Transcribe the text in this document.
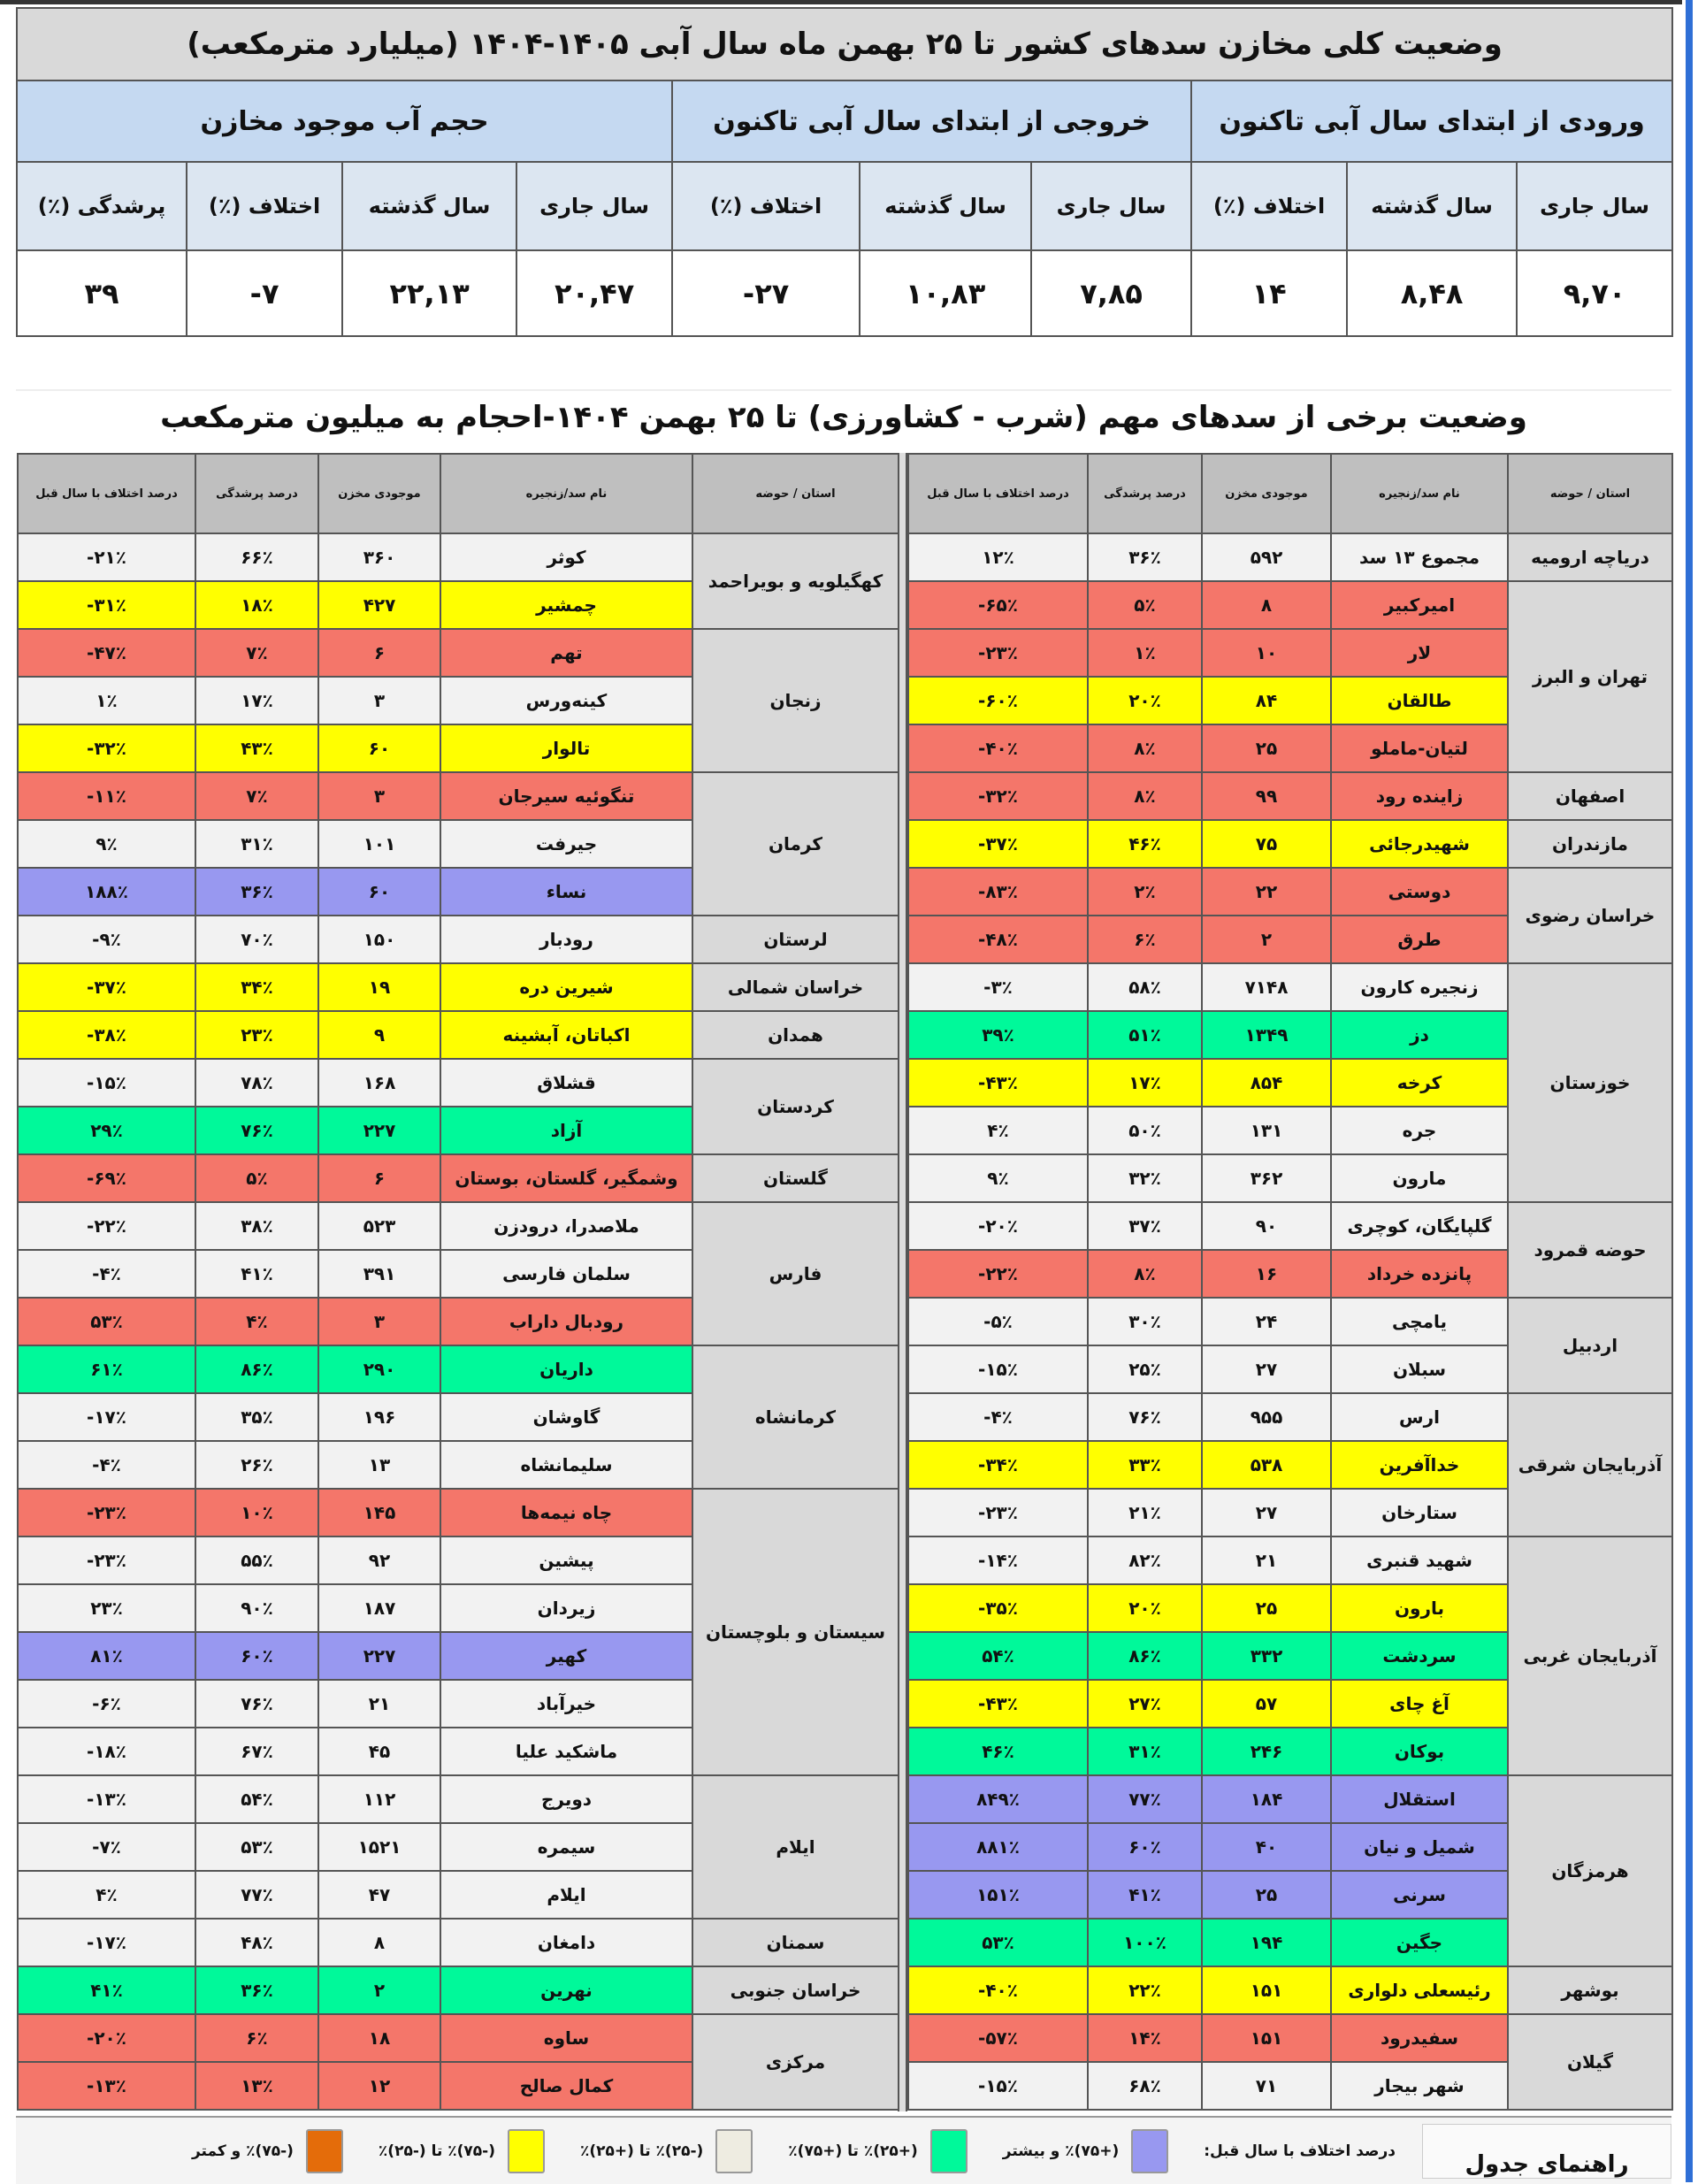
وضعیت کلی مخازن سدهای کشور تا ۲۵ بهمن ماه سال آبی ۱۴۰۵-۱۴۰۴ (میلیارد مترمکعب)									
ورودی از ابتدای سال آبی تاکنون			خروجی از ابتدای سال آبی تاکنون			حجم آب موجود مخازن			
سال جاری	سال گذشته	اختلاف (٪)	سال جاری	سال گذشته	اختلاف (٪)	سال جاری	سال گذشته	اختلاف (٪)	پرشدگی (٪)
۹,۷۰	۸,۴۸	۱۴	۷,۸۵	۱۰,۸۳	-۲۷	۲۰,۴۷	۲۲,۱۳	-۷	۳۹
وضعیت برخی از سدهای مهم (شرب - کشاورزی) تا ۲۵ بهمن ۱۴۰۴-احجام به میلیون مترمکعب
استان / حوضه	نام سد/زنجیره	موجودی مخزن	درصد پرشدگی	درصد اختلاف با سال قبل
دریاچه ارومیه	مجموع ۱۳ سد	۵۹۲	۳۶٪	۱۲٪
تهران و البرز	امیرکبیر	۸	۵٪	-۶۵٪
	لار	۱۰	۱٪	-۲۳٪
	طالقان	۸۴	۲۰٪	-۶۰٪
	لتیان-ماملو	۲۵	۸٪	-۴۰٪
اصفهان	زاینده رود	۹۹	۸٪	-۳۲٪
مازندران	شهیدرجائی	۷۵	۴۶٪	-۳۷٪
خراسان رضوی	دوستی	۲۲	۲٪	-۸۳٪
	طرق	۲	۶٪	-۴۸٪
خوزستان	زنجیره کارون	۷۱۴۸	۵۸٪	-۳٪
	دز	۱۳۴۹	۵۱٪	۳۹٪
	کرخه	۸۵۴	۱۷٪	-۴۳٪
	جره	۱۳۱	۵۰٪	۴٪
	مارون	۳۶۲	۳۲٪	۹٪
حوضه قمرود	گلپایگان، کوچری	۹۰	۳۷٪	-۲۰٪
	پانزده خرداد	۱۶	۸٪	-۲۲٪
اردبیل	یامچی	۲۴	۳۰٪	-۵٪
	سبلان	۲۷	۲۵٪	-۱۵٪
آذربایجان شرقی	ارس	۹۵۵	۷۶٪	-۴٪
	خداآفرین	۵۳۸	۳۳٪	-۳۴٪
	ستارخان	۲۷	۲۱٪	-۲۳٪
آذربایجان غربی	شهید قنبری	۲۱	۸۲٪	-۱۴٪
	بارون	۲۵	۲۰٪	-۳۵٪
	سردشت	۳۳۲	۸۶٪	۵۴٪
	آغ چای	۵۷	۲۷٪	-۴۳٪
	بوکان	۲۴۶	۳۱٪	۴۶٪
هرمزگان	استقلال	۱۸۴	۷۷٪	۸۴۹٪
	شمیل و نیان	۴۰	۶۰٪	۸۸۱٪
	سرنی	۲۵	۴۱٪	۱۵۱٪
	جگین	۱۹۴	۱۰۰٪	۵۳٪
بوشهر	رئیسعلی دلواری	۱۵۱	۲۲٪	-۴۰٪
گیلان	سفیدرود	۱۵۱	۱۴٪	-۵۷٪
	شهر بیجار	۷۱	۶۸٪	-۱۵٪
استان / حوضه	نام سد/زنجیره	موجودی مخزن	درصد پرشدگی	درصد اختلاف با سال قبل
کهگیلویه و بویراحمد	کوثر	۳۶۰	۶۶٪	-۲۱٪
	چمشیر	۴۲۷	۱۸٪	-۳۱٪
زنجان	تهم	۶	۷٪	-۴۷٪
	کینه‌ورس	۳	۱۷٪	۱٪
	تالوار	۶۰	۴۳٪	-۳۲٪
کرمان	تنگوئیه سیرجان	۳	۷٪	-۱۱٪
	جیرفت	۱۰۱	۳۱٪	۹٪
	نساء	۶۰	۳۶٪	۱۸۸٪
لرستان	رودبار	۱۵۰	۷۰٪	-۹٪
خراسان شمالی	شیرین دره	۱۹	۳۴٪	-۳۷٪
همدان	اکباتان، آبشینه	۹	۲۳٪	-۳۸٪
کردستان	قشلاق	۱۶۸	۷۸٪	-۱۵٪
	آزاد	۲۲۷	۷۶٪	۲۹٪
گلستان	وشمگیر، گلستان، بوستان	۶	۵٪	-۶۹٪
فارس	ملاصدرا، درودزن	۵۲۳	۳۸٪	-۲۲٪
	سلمان فارسی	۳۹۱	۴۱٪	-۴٪
	رودبال داراب	۳	۴٪	۵۳٪
کرمانشاه	داریان	۲۹۰	۸۶٪	۶۱٪
	گاوشان	۱۹۶	۳۵٪	-۱۷٪
	سلیمانشاه	۱۳	۲۶٪	-۴٪
سیستان و بلوچستان	چاه نیمه‌ها	۱۴۵	۱۰٪	-۲۳٪
	پیشین	۹۲	۵۵٪	-۲۳٪
	زیردان	۱۸۷	۹۰٪	۲۳٪
	کهیر	۲۲۷	۶۰٪	۸۱٪
	خیرآباد	۲۱	۷۶٪	-۶٪
	ماشکید علیا	۴۵	۶۷٪	-۱۸٪
ایلام	دویرج	۱۱۲	۵۴٪	-۱۳٪
	سیمره	۱۵۲۱	۵۳٪	-۷٪
	ایلام	۴۷	۷۷٪	۴٪
سمنان	دامغان	۸	۴۸٪	-۱۷٪
خراسان جنوبی	نهرین	۲	۳۶٪	۴۱٪
مرکزی	ساوه	۱۸	۶٪	-۲۰٪
	کمال صالح	۱۲	۱۳٪	-۱۳٪
راهنمای جدول
درصد اختلاف با سال قبل:
(+۷۵)٪ و بیشتر
(+۲۵)٪ تا (+۷۵)٪
(-۲۵)٪ تا (+۲۵)٪
(-۷۵)٪ تا (-۲۵)٪
(-۷۵)٪ و کمتر
